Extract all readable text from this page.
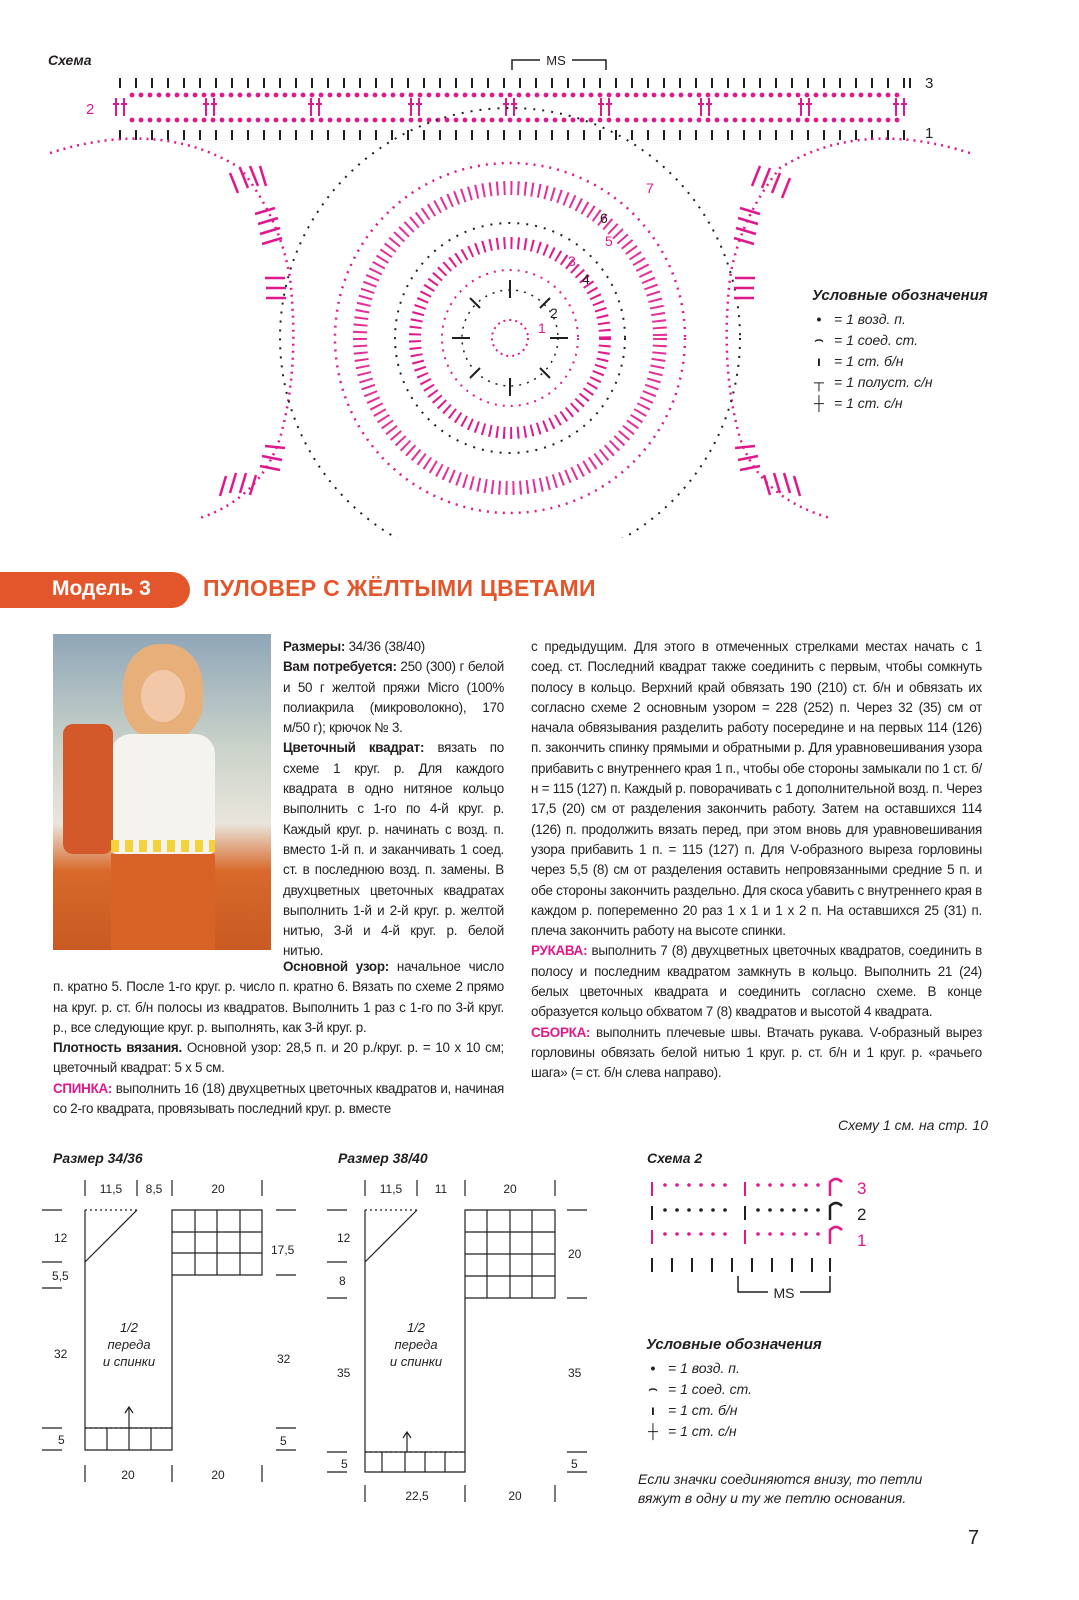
Схема	MS
3
2
1
1
2
3
4
5
6
7
Условные обозначения
• = 1 возд. п.
⌢ = 1 соед. ст.
ı = 1 ст. б/н
┬ = 1 полуст. с/н
┼ = 1 ст. с/н
Модель 3 ПУЛОВЕР С ЖЁЛТЫМИ ЦВЕТАМИ

Размеры: 34/36 (38/40)

Вам потребуется: 250 (300) г белой и 50 г желтой пряжи Micro (100% полиакрила (микроволокно), 170 м/50 г); крючок № 3.

Цветочный квадрат: вязать по схеме 1 круг. р. Для каждого квадрата в одно нитяное кольцо выполнить с 1-го по 4-й круг. р. Каждый круг. р. начинать с возд. п. вместо 1-й п. и заканчивать 1 соед. ст. в последнюю возд. п. замены. В двухцветных цветочных квадратах выполнить 1-й и 2-й круг. р. желтой нитью, 3-й и 4-й круг. р. белой нитью.

Основной узор: начальное число п. кратно 5. После 1-го круг. р. число п. кратно 6. Вязать по схеме 2 прямо на круг. р. ст. б/н полосы из квадратов. Выполнить 1 раз с 1-го по 3-й круг. р., все следующие круг. р. выполнять, как 3-й круг. р.

Плотность вязания. Основной узор: 28,5 п. и 20 р./круг. р. = 10 x 10 см; цветочный квадрат: 5 x 5 см.

СПИНКА: выполнить 16 (18) двухцветных цветочных квадратов и, начиная со 2-го квадрата, провязывать последний круг. р. вместе

с предыдущим. Для этого в отмеченных стрелками местах начать с 1 соед. ст. Последний квадрат также соединить с первым, чтобы сомкнуть полосу в кольцо. Верхний край обвязать 190 (210) ст. б/н и обвязать их согласно схеме 2 основным узором = 228 (252) п. Через 32 (35) см от начала обвязывания разделить работу посередине и на первых 114 (126) п. закончить спинку прямыми и обратными р. Для уравновешивания узора прибавить с внутреннего края 1 п., чтобы обе стороны замыкали по 1 ст. б/н = 115 (127) п. Каждый р. поворачивать с 1 дополнительной возд. п. Через 17,5 (20) см от разделения закончить работу. Затем на оставшихся 114 (126) п. продолжить вязать перед, при этом вновь для уравновешивания узора прибавить 1 п. = 115 (127) п. Для V-образного выреза горловины через 5,5 (8) см от разделения оставить непровязанными средние 5 п. и обе стороны закончить раздельно. Для скоса убавить с внутреннего края в каждом р. попеременно 20 раз 1 x 1 и 1 x 2 п. На оставшихся 25 (31) п. плеча закончить работу на высоте спинки.

РУКАВА: выполнить 7 (8) двухцветных цветочных квадратов, соединить в полосу и последним квадратом замкнуть в кольцо. Выполнить 21 (24) белых цветочных квадрата и соединить согласно схеме. В конце образуется кольцо обхватом 7 (8) квадратов и высотой 4 квадрата.

СБОРКА: выполнить плечевые швы. Втачать рукава. V-образный вырез горловины обвязать белой нитью 1 круг. р. ст. б/н и 1 круг. р. «рачьего шага» (= ст. б/н слева направо).

Схему 1 см. на стр. 10
Размер 34/36
11,5 8,5	20
12
5,5
32
5
17,5
32
5
20	20
1/2
переда
и спинки
Размер 38/40
11,5	11	20
12
8
35
5
20
35
5
22,5	20
1/2
переда
и спинки
Схема 2
3
2
1
MS
Условные обозначения
• = 1 возд. п.
⌢ = 1 соед. ст.
ı = 1 ст. б/н
┼ = 1 ст. с/н
Если значки соединяются внизу, то петли
вяжут в одну и ту же петлю основания.
7
